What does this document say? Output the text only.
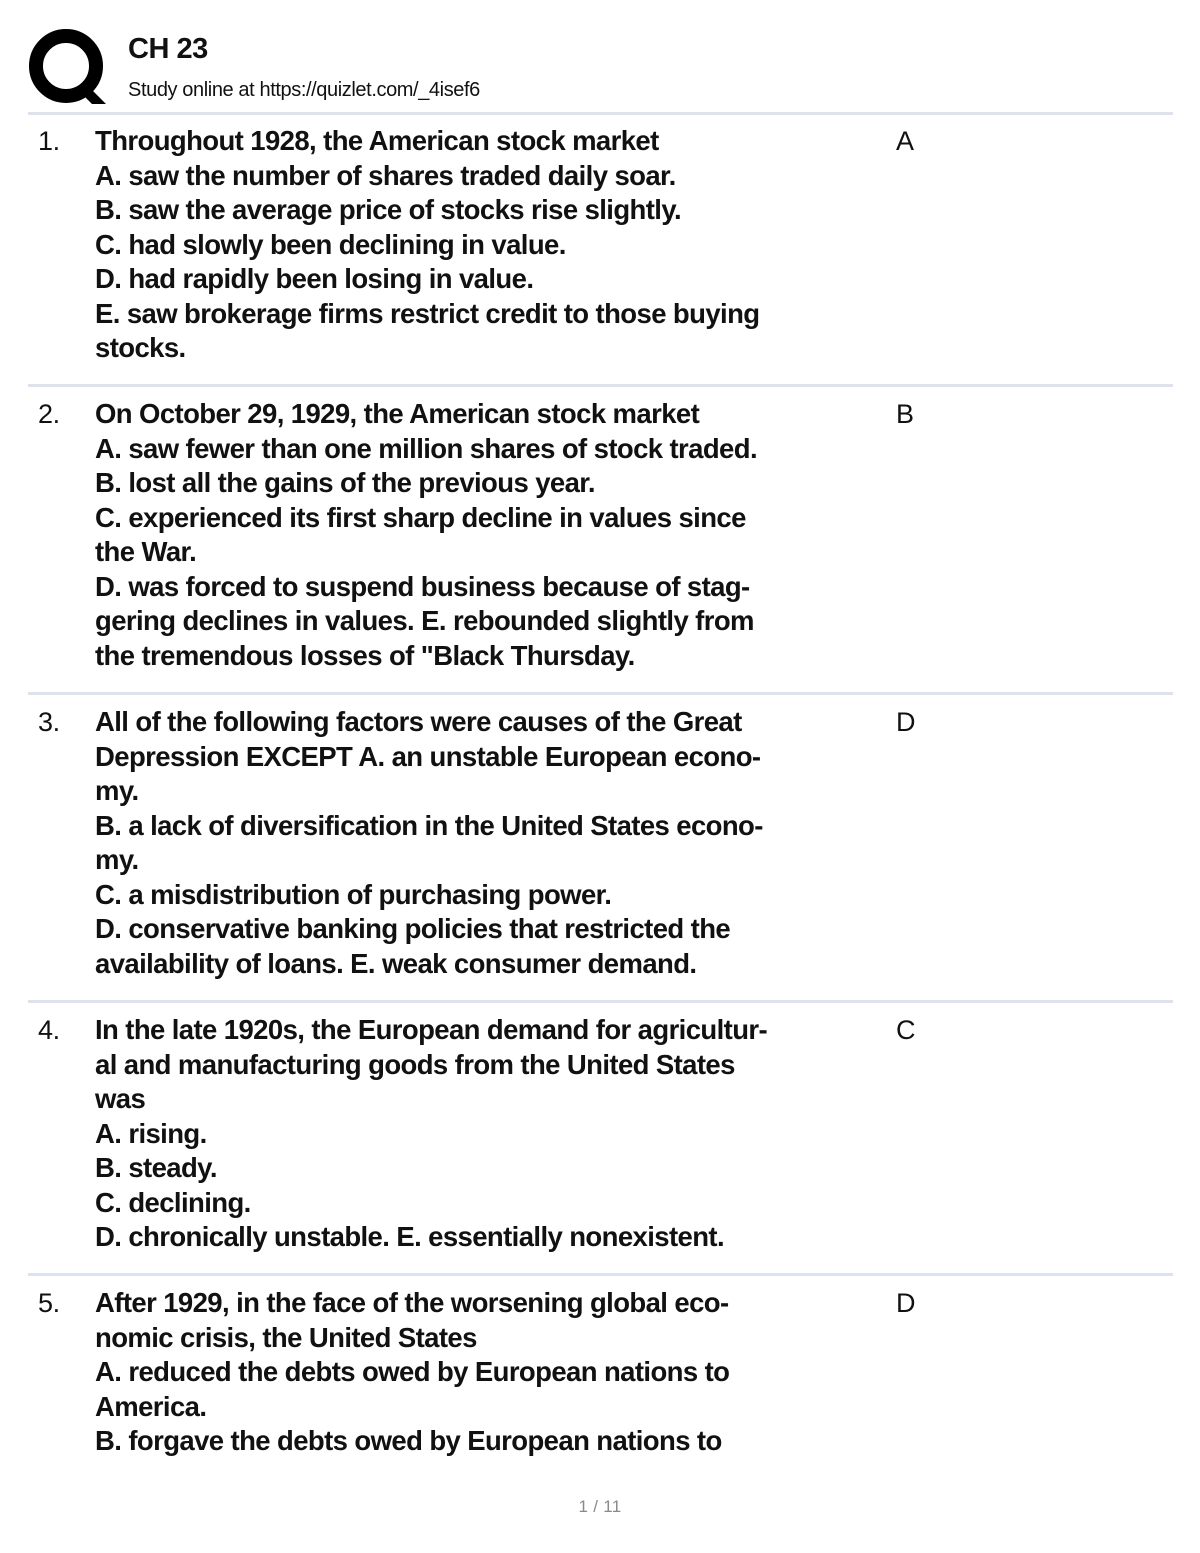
CH 23
Study online at https://quizlet.com/_4isef6
1. Throughout 1928, the American stock market
A. saw the number of shares traded daily soar.
B. saw the average price of stocks rise slightly.
C. had slowly been declining in value.
D. had rapidly been losing in value.
E. saw brokerage firms restrict credit to those buying
stocks.
A
2. On October 29, 1929, the American stock market
A. saw fewer than one million shares of stock traded.
B. lost all the gains of the previous year.
C. experienced its first sharp decline in values since
the War.
D. was forced to suspend business because of stag-
gering declines in values. E. rebounded slightly from
the tremendous losses of "Black Thursday.
B
3. All of the following factors were causes of the Great
Depression EXCEPT A. an unstable European econo-
my.
B. a lack of diversification in the United States econo-
my.
C. a misdistribution of purchasing power.
D. conservative banking policies that restricted the
availability of loans. E. weak consumer demand.
D
4. In the late 1920s, the European demand for agricultur-
al and manufacturing goods from the United States
was
A. rising.
B. steady.
C. declining.
D. chronically unstable. E. essentially nonexistent.
C
5. After 1929, in the face of the worsening global eco-
nomic crisis, the United States
A. reduced the debts owed by European nations to
America.
B. forgave the debts owed by European nations to
D
1 / 11
